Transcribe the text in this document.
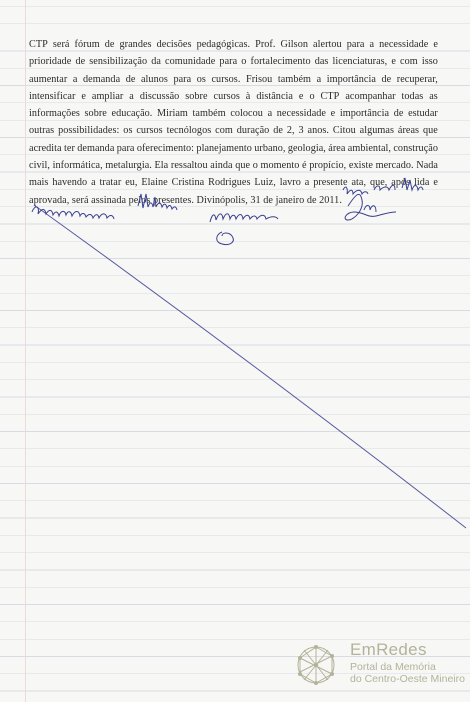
CTP será fórum de grandes decisões pedagógicas. Prof. Gilson alertou para a necessidade e
prioridade de sensibilização da comunidade para o fortalecimento das licenciaturas, e com isso
aumentar a demanda de alunos para os cursos. Frisou também a importância de recuperar,
intensificar e ampliar a discussão sobre cursos à distância e o CTP acompanhar todas as
informações sobre educação. Miriam também colocou a necessidade e importância de estudar
outras possibilidades: os cursos tecnólogos com duração de 2, 3 anos. Citou algumas áreas que
acredita ter demanda para oferecimento: planejamento urbano, geologia, área ambiental, construção
civil, informática, metalurgia. Ela ressaltou ainda que o momento é propício, existe mercado. Nada
mais havendo a tratar eu, Elaine Cristina Rodrigues Luiz, lavro a presente ata, que, após lida e
aprovada, será assinada pelos presentes. Divinópolis, 31 de janeiro de 2011.
EmRedes
Portal da Memória
do Centro-Oeste Mineiro
